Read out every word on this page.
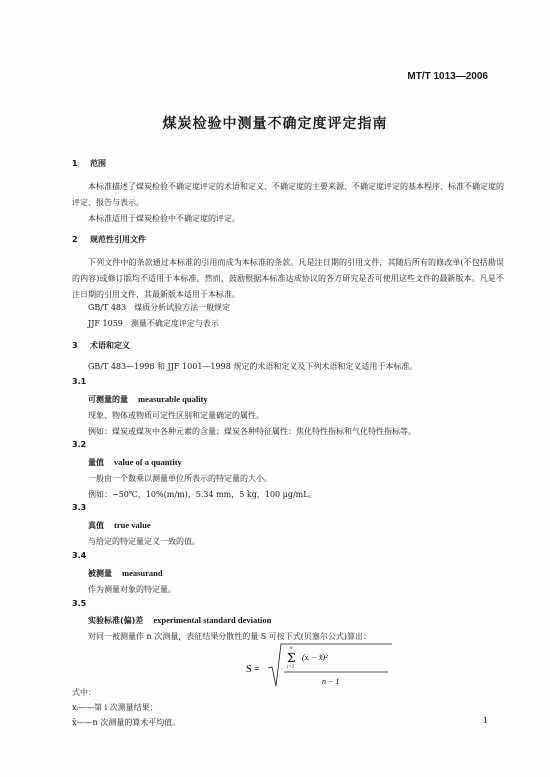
MT/T 1013—2006
煤炭检验中测量不确定度评定指南
1 范围

本标准描述了煤炭检验不确定度评定的术语和定义、不确定度的主要来源、不确定度评定的基本程序、标准不确定度的评定、报告与表示。

本标准适用于煤炭检验中不确定度的评定。

2 规范性引用文件

下列文件中的条款通过本标准的引用而成为本标准的条款。凡是注日期的引用文件，其随后所有的修改单(不包括勘误的内容)或修订版均不适用于本标准，然而，鼓励根据本标准达成协议的各方研究是否可使用这些文件的最新版本。凡是不注日期的引用文件，其最新版本适用于本标准。

GB/T 483　煤质分析试验方法一般规定
JJF 1059　测量不确定度评定与表示
3 术语和定义
GB/T 483—1998 和 JJF 1001—1998 规定的术语和定义及下列术语和定义适用于本标准。
3.1
可测量的量 measurable quality
现象、物体或物质可定性区别和定量确定的属性。
例如：煤炭或煤灰中各种元素的含量；煤炭各种特征属性：焦化特性指标和气化特性指标等。
3.2
量值 value of a quantity
一般由一个数乘以测量单位所表示的特定量的大小。
例如：−50℃，10%(m/m)，5.34 mm，5 kg，100 μg/mL。
3.3
真值 true value
与给定的特定量定义一致的值。
3.4
被测量 measurand
作为测量对象的特定量。
3.5
实验标准(偏)差 experimental standard deviation
对同一被测量作 n 次测量，表征结果分散性的量 S 可按下式(贝塞尔公式)算出：
S =
n
Σ
i=1
(xᵢ − x̄)²
n − 1
式中：
xᵢ——第 i 次测量结果；
x̄——n 次测量的算术平均值。	1
